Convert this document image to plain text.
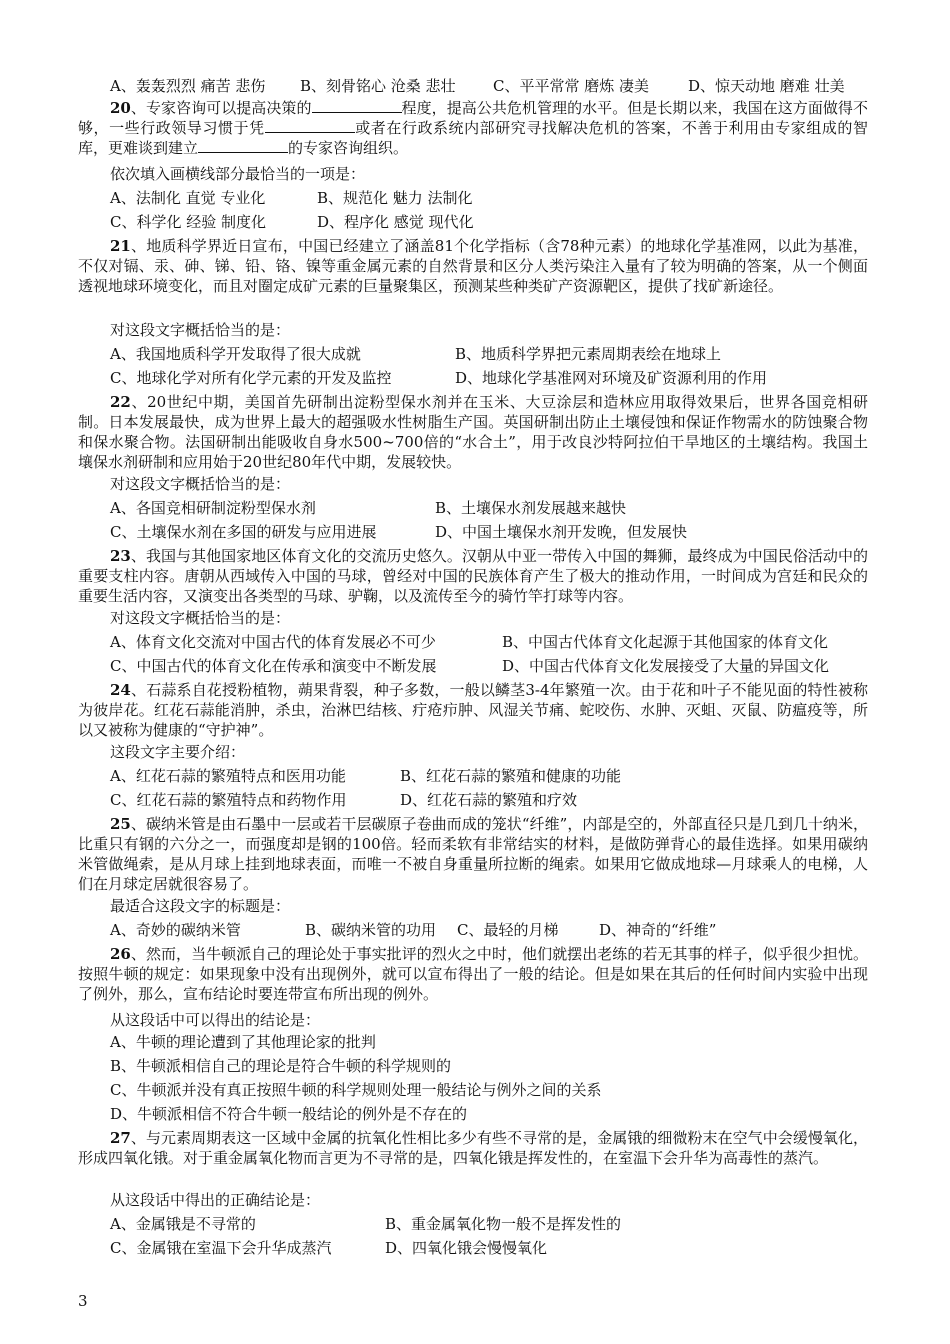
A、轰轰烈烈 痛苦 悲伤 B、刻骨铭心 沧桑 悲壮 C、平平常常 磨炼 凄美	D、惊天动地 磨难 壮美
20、专家咨询可以提高决策的	程度，提高公共危机管理的水平。但是长期以来，我国在这方面做得不够，一些行政领导习惯于凭	或者在行政系统内部研究寻找解决危机的答案，不善于利用由专家组成的智库，更难谈到建立	的专家咨询组织。
依次填入画横线部分最恰当的一项是：
A、法制化 直觉 专业化	B、规范化 魅力 法制化
C、科学化 经验 制度化	D、程序化 感觉 现代化
21、地质科学界近日宣布，中国已经建立了涵盖81个化学指标（含78种元素）的地球化学基准网，以此为基准，不仅对镉、汞、砷、锑、铅、铬、镍等重金属元素的自然背景和区分人类污染注入量有了较为明确的答案，从一个侧面透视地球环境变化，而且对圈定成矿元素的巨量聚集区，预测某些种类矿产资源靶区，提供了找矿新途径。
对这段文字概括恰当的是：
A、我国地质科学开发取得了很大成就	B、地质科学界把元素周期表绘在地球上
C、地球化学对所有化学元素的开发及监控	D、地球化学基准网对环境及矿资源利用的作用
22、20世纪中期，美国首先研制出淀粉型保水剂并在玉米、大豆涂层和造林应用取得效果后，世界各国竞相研制。日本发展最快，成为世界上最大的超强吸水性树脂生产国。英国研制出防止土壤侵蚀和保证作物需水的防蚀聚合物和保水聚合物。法国研制出能吸收自身水500~700倍的“水合土”，用于改良沙特阿拉伯干旱地区的土壤结构。我国土壤保水剂研制和应用始于20世纪80年代中期，发展较快。
对这段文字概括恰当的是：
A、各国竞相研制淀粉型保水剂	B、土壤保水剂发展越来越快
C、土壤保水剂在多国的研发与应用进展	D、中国土壤保水剂开发晚，但发展快
23、我国与其他国家地区体育文化的交流历史悠久。汉朝从中亚一带传入中国的舞狮，最终成为中国民俗活动中的重要支柱内容。唐朝从西域传入中国的马球，曾经对中国的民族体育产生了极大的推动作用，一时间成为宫廷和民众的重要生活内容，又演变出各类型的马球、驴鞠，以及流传至今的骑竹竿打球等内容。
对这段文字概括恰当的是：
A、体育文化交流对中国古代的体育发展必不可少	B、中国古代体育文化起源于其他国家的体育文化
C、中国古代的体育文化在传承和演变中不断发展	D、中国古代体育文化发展接受了大量的异国文化
24、石蒜系自花授粉植物，蒴果背裂，种子多数，一般以鳞茎3-4年繁殖一次。由于花和叶子不能见面的特性被称为彼岸花。红花石蒜能消肿，杀虫，治淋巴结核、疔疮疖肿、风湿关节痛、蛇咬伤、水肿、灭蛆、灭鼠、防瘟疫等，所以又被称为健康的“守护神”。
这段文字主要介绍：
A、红花石蒜的繁殖特点和医用功能	B、红花石蒜的繁殖和健康的功能
C、红花石蒜的繁殖特点和药物作用	D、红花石蒜的繁殖和疗效
25、碳纳米管是由石墨中一层或若干层碳原子卷曲而成的笼状“纤维”，内部是空的，外部直径只是几到几十纳米，比重只有钢的六分之一，而强度却是钢的100倍。轻而柔软有非常结实的材料，是做防弹背心的最佳选择。如果用碳纳米管做绳索，是从月球上挂到地球表面，而唯一不被自身重量所拉断的绳索。如果用它做成地球—月球乘人的电梯，人们在月球定居就很容易了。
最适合这段文字的标题是：
A、奇妙的碳纳米管	B、碳纳米管的功用 C、最轻的月梯	D、神奇的“纤维”
26、然而，当牛顿派自己的理论处于事实批评的烈火之中时，他们就摆出老练的若无其事的样子，似乎很少担忧。按照牛顿的规定：如果现象中没有出现例外，就可以宣布得出了一般的结论。但是如果在其后的任何时间内实验中出现了例外，那么，宣布结论时要连带宣布所出现的例外。
从这段话中可以得出的结论是：
A、牛顿的理论遭到了其他理论家的批判
B、牛顿派相信自己的理论是符合牛顿的科学规则的
C、牛顿派并没有真正按照牛顿的科学规则处理一般结论与例外之间的关系
D、牛顿派相信不符合牛顿一般结论的例外是不存在的
27、与元素周期表这一区域中金属的抗氧化性相比多少有些不寻常的是，金属锇的细微粉末在空气中会缓慢氧化，形成四氧化锇。对于重金属氧化物而言更为不寻常的是，四氧化锇是挥发性的，在室温下会升华为高毒性的蒸汽。
从这段话中得出的正确结论是：
A、金属锇是不寻常的	B、重金属氧化物一般不是挥发性的
C、金属锇在室温下会升华成蒸汽	D、四氧化锇会慢慢氧化
3
